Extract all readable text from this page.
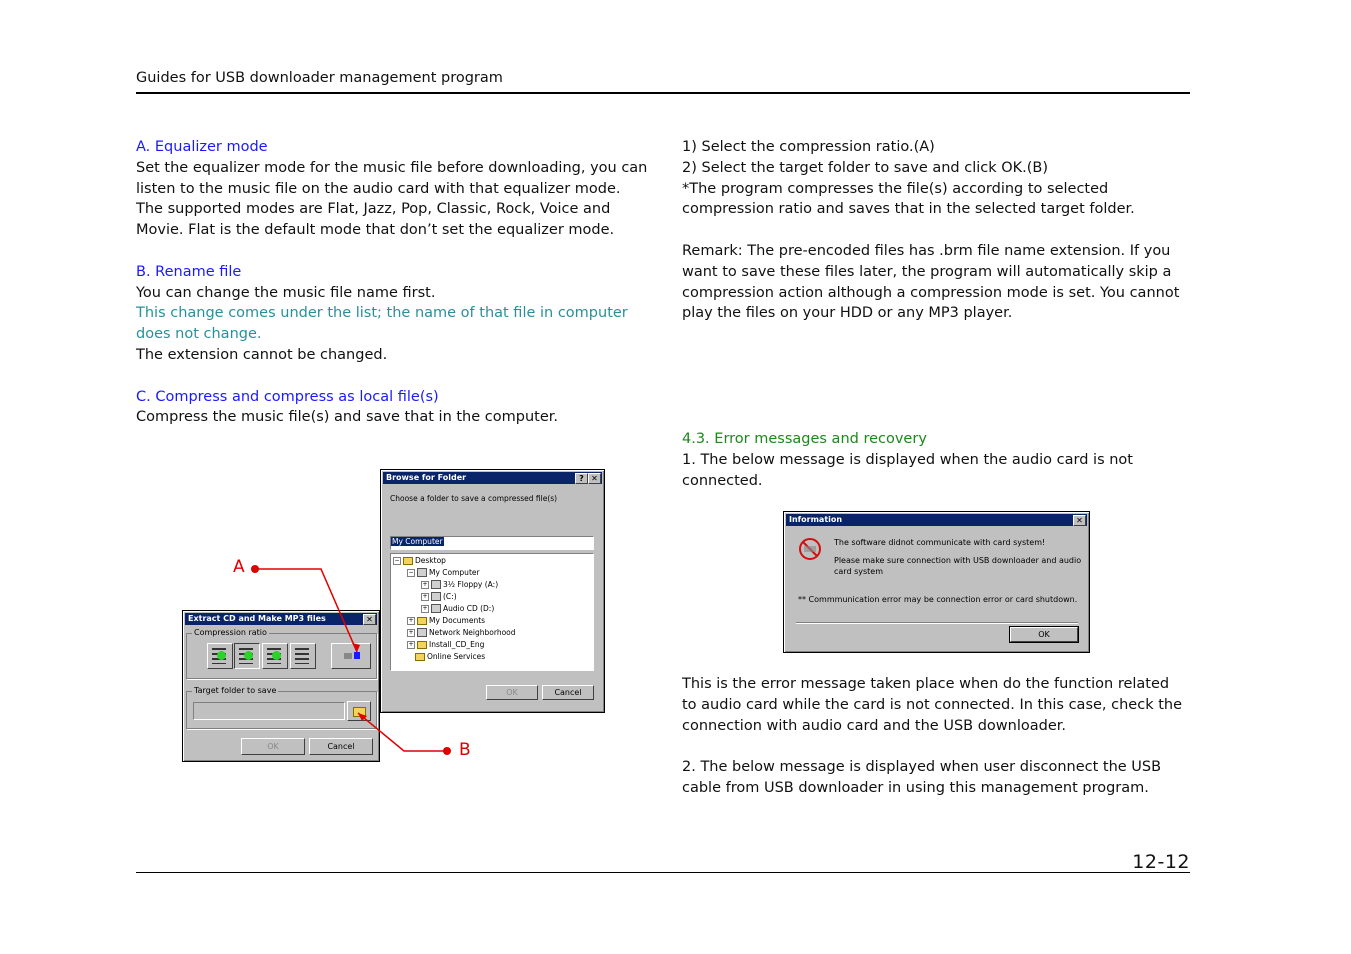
Guides for USB downloader management program

A. Equalizer mode

Set the equalizer mode for the music file before downloading, you can listen to the music file on the audio card with that equalizer mode. The supported modes are Flat, Jazz, Pop, Classic, Rock, Voice and Movie. Flat is the default mode that don’t set the equalizer mode.

B. Rename file

You can change the music file name first.

This change comes under the list; the name of that file in computer does not change.

The extension cannot be changed.

C. Compress and compress as local file(s)

Compress the music file(s) and save that in the computer.

1) Select the compression ratio.(A)

2) Select the target folder to save and click OK.(B)

*The program compresses the file(s) according to selected compression ratio and saves that in the selected target folder.

Remark: The pre-encoded files has .brm file name extension. If you want to save these files later, the program will automatically skip a compression action although a compression mode is set. You cannot play the files on your HDD or any MP3 player.

4.3. Error messages and recovery

1. The below message is displayed when the audio card is not connected.

This is the error message taken place when do the function related to audio card while the card is not connected. In this case, check the connection with audio card and the USB downloader.

2. The below message is displayed when user disconnect the USB cable from USB downloader in using this management program.

Browse for Folder	? ✕
Choose a folder to save a compressed file(s)
My Computer
− Desktop
− My Computer
+ 3½ Floppy (A:)
+ (C:)
+ Audio CD (D:)
+ My Documents
+ Network Neighborhood
+ Install_CD_Eng
Online Services
OK	Cancel
Extract CD and Make MP3 files	✕
Compression ratio
Target folder to save
OK	Cancel
A
B
Information	✕
The software didnot communicate with card system!
Please make sure connection with USB downloader and audio card system
** Commmunication error may be connection error or card shutdown.
OK
12-12
